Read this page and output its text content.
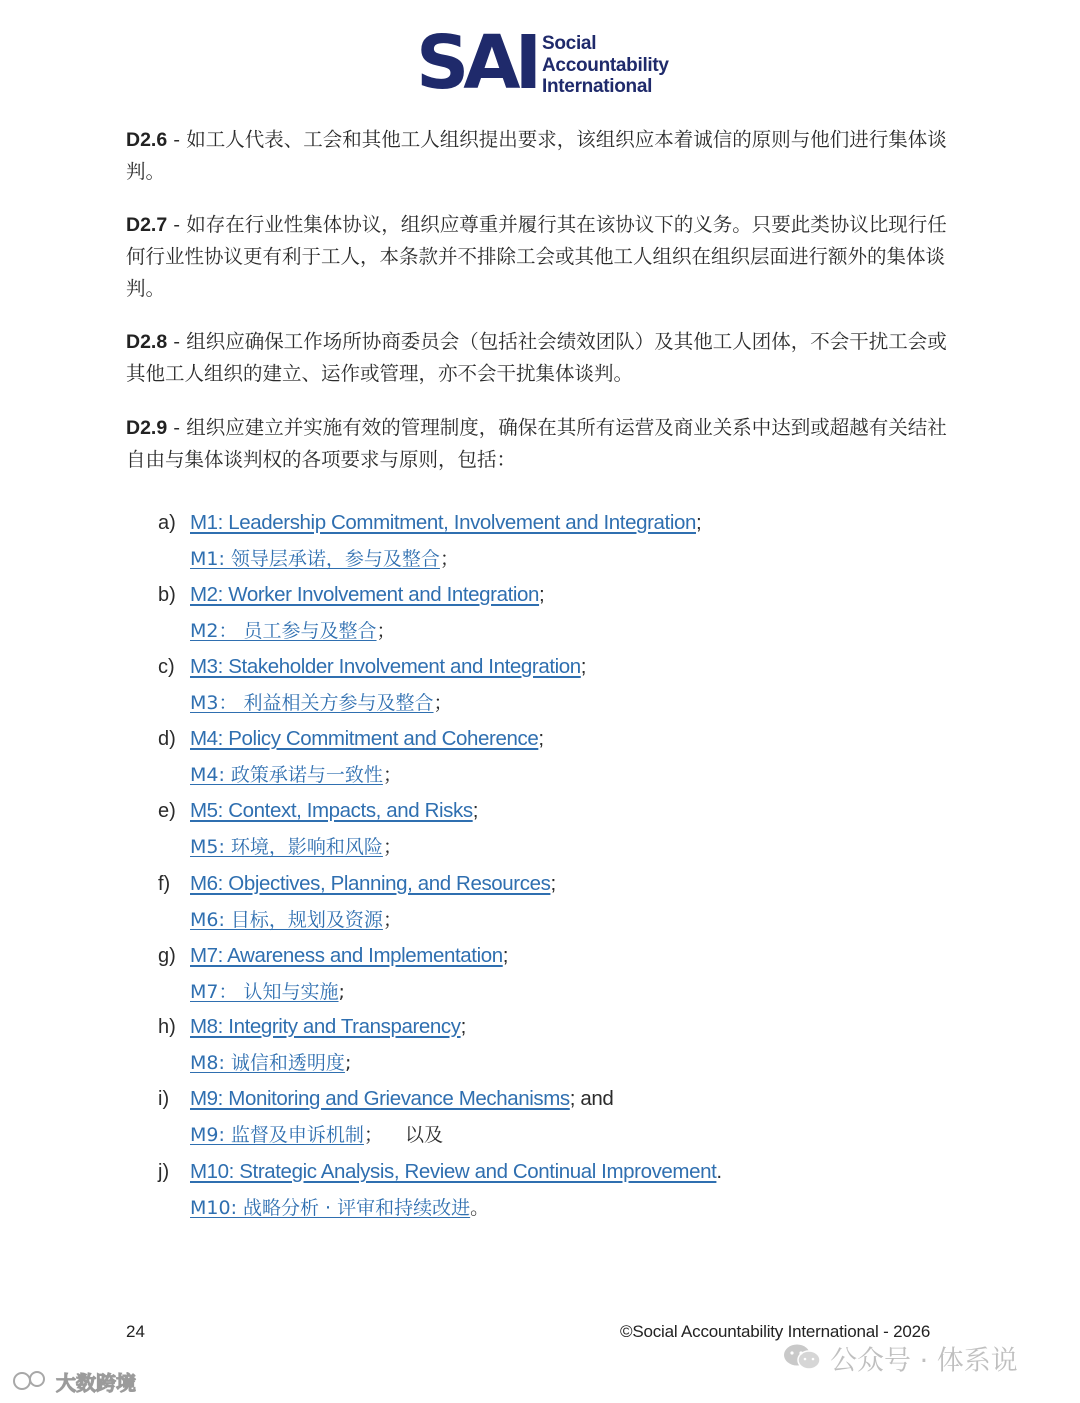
SAI Social
Accountability
International

D2.6 - 如工人代表、工会和其他工人组织提出要求，该组织应本着诚信的原则与他们进行集体谈判。

D2.7 - 如存在行业性集体协议，组织应尊重并履行其在该协议下的义务。只要此类协议比现行任何行业性协议更有利于工人，本条款并不排除工会或其他工人组织在组织层面进行额外的集体谈判。

D2.8 - 组织应确保工作场所协商委员会（包括社会绩效团队）及其他工人团体，不会干扰工会或其他工人组织的建立、运作或管理，亦不会干扰集体谈判。

D2.9 - 组织应建立并实施有效的管理制度，确保在其所有运营及商业关系中达到或超越有关结社自由与集体谈判权的各项要求与原则，包括：

a) M1: Leadership Commitment, Involvement and Integration;
M1: 领导层承诺，参与及整合；
b) M2: Worker Involvement and Integration;
M2： 员工参与及整合；
c) M3: Stakeholder Involvement and Integration;
M3： 利益相关方参与及整合；
d) M4: Policy Commitment and Coherence;
M4: 政策承诺与一致性；
e) M5: Context, Impacts, and Risks;
M5: 环境，影响和风险；
f) M6: Objectives, Planning, and Resources;
M6: 目标，规划及资源；
g) M7: Awareness and Implementation;
M7： 认知与实施;
h) M8: Integrity and Transparency;
M8: 诚信和透明度;
i)	M9: Monitoring and Grievance Mechanisms; and
M9: 监督及申诉机制； 以及
j)	M10: Strategic Analysis, Review and Continual Improvement.
M10: 战略分析 · 评审和持续改进。
24	©Social Accountability International - 2026
公众号 · 体系说
大数跨境
